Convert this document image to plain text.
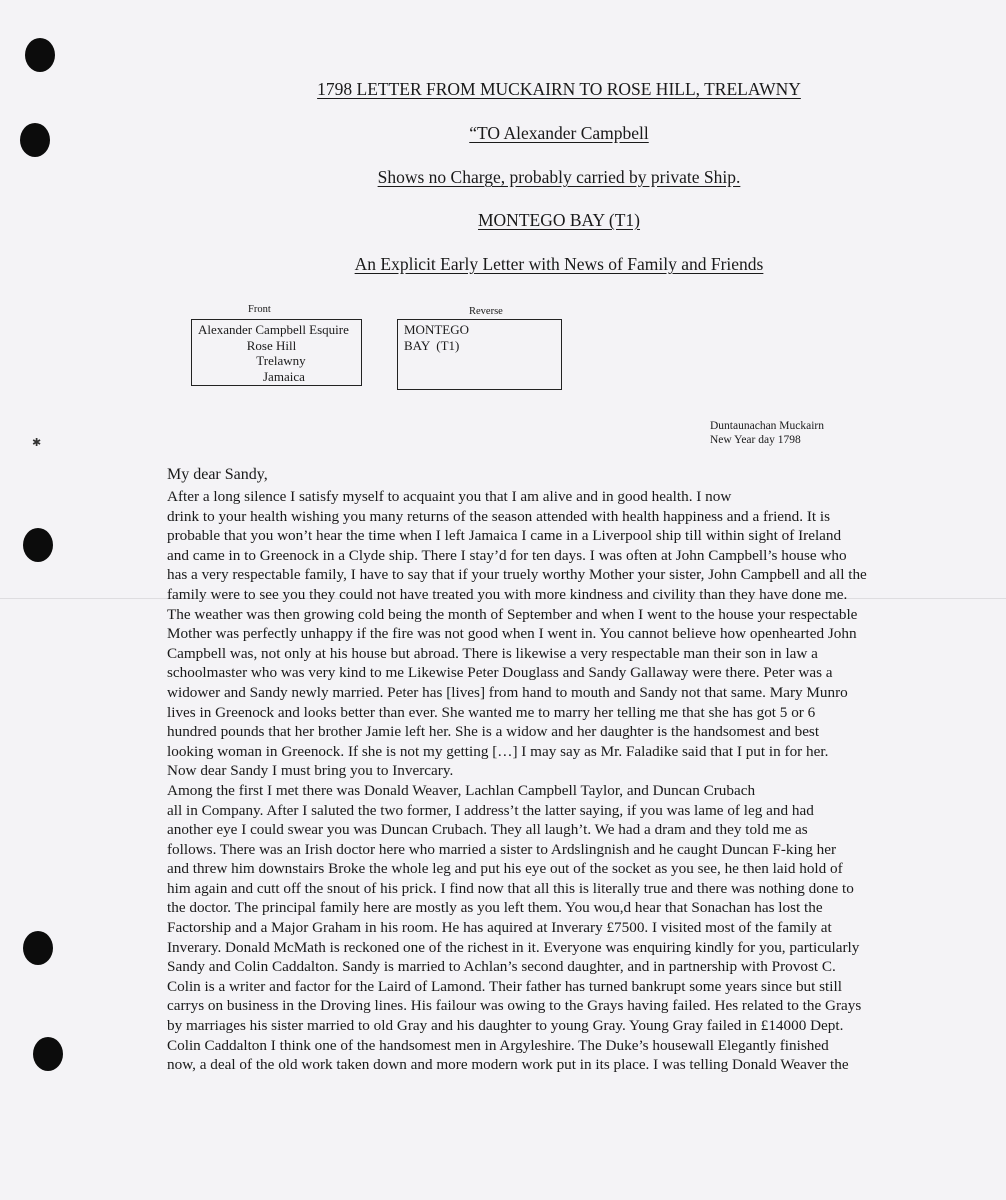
✱
1798 LETTER FROM MUCKAIRN TO ROSE HILL, TRELAWNY
“TO Alexander Campbell
Shows no Charge, probably carried by private Ship.
MONTEGO BAY (T1)
An Explicit Early Letter with News of Family and Friends
Front
Alexander Campbell Esquire
Rose Hill
Trelawny
Jamaica
Reverse
MONTEGO
BAY  (T1)
Duntaunachan Muckairn
New Year day 1798
My dear Sandy,
After a long silence I satisfy myself to acquaint you that I am alive and in good health. I now
drink to your health wishing you many returns of the season attended with health happiness and a friend. It is
probable that you won’t hear the time when I left Jamaica I came in a Liverpool ship till within sight of Ireland
and came in to Greenock in a Clyde ship. There I stay’d for ten days. I was often at John Campbell’s house who
has a very respectable family, I have to say that if your truely worthy Mother your sister, John Campbell and all the
family were to see you they could not have treated you with more kindness and civility than they have done me.
The weather was then growing cold being the month of September and when I went to the house your respectable
Mother was perfectly unhappy if the fire was not good when I went in. You cannot believe how openhearted John
Campbell was, not only at his house but abroad. There is likewise a very respectable man their son in law a
schoolmaster who was very kind to me Likewise Peter Douglass and Sandy Gallaway were there. Peter was a
widower and Sandy newly married. Peter has [lives] from hand to mouth and Sandy not that same. Mary Munro
lives in Greenock and looks better than ever. She wanted me to marry her telling me that she has got 5 or 6
hundred pounds that her brother Jamie left her. She is a widow and her daughter is the handsomest and best
looking woman in Greenock. If she is not my getting […] I may say as Mr. Faladike said that I put in for her.
Now dear Sandy I must bring you to Invercary.
Among the first I met there was Donald Weaver, Lachlan Campbell Taylor, and Duncan Crubach
all in Company. After I saluted the two former, I address’t the latter saying, if you was lame of leg and had
another eye I could swear you was Duncan Crubach. They all laugh’t. We had a dram and they told me as
follows. There was an Irish doctor here who married a sister to Ardslingnish and he caught Duncan F-king her
and threw him downstairs Broke the whole leg and put his eye out of the socket as you see, he then laid hold of
him again and cutt off the snout of his prick. I find now that all this is literally true and there was nothing done to
the doctor. The principal family here are mostly as you left them. You wou,d hear that Sonachan has lost the
Factorship and a Major Graham in his room. He has aquired at Inverary £7500. I visited most of the family at
Inverary. Donald McMath is reckoned one of the richest in it. Everyone was enquiring kindly for you, particularly
Sandy and Colin Caddalton. Sandy is married to Achlan’s second daughter, and in partnership with Provost C.
Colin is a writer and factor for the Laird of Lamond. Their father has turned bankrupt some years since but still
carrys on business in the Droving lines. His failour was owing to the Grays having failed. Hes related to the Grays
by marriages his sister married to old Gray and his daughter to young Gray. Young Gray failed in £14000 Dept.
Colin Caddalton I think one of the handsomest men in Argyleshire. The Duke’s housewall Elegantly finished
now, a deal of the old work taken down and more modern work put in its place. I was telling Donald Weaver the
